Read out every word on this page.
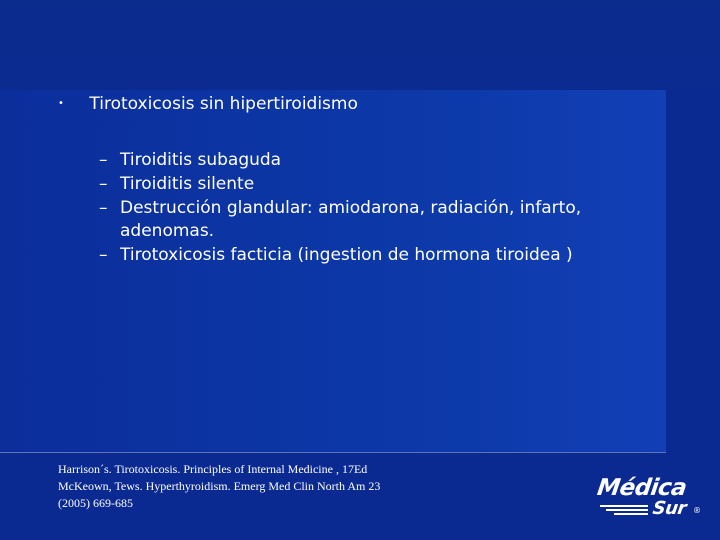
• Tirotoxicosis sin hipertiroidismo
– Tiroiditis subaguda
– Tiroiditis silente
– Destrucción glandular: amiodarona, radiación, infarto, adenomas.
– Tirotoxicosis facticia (ingestion de hormona tiroidea )
Harrison´s. Tirotoxicosis. Principles of Internal Medicine , 17Ed
McKeown, Tews. Hyperthyroidism. Emerg Med Clin North Am 23
(2005) 669-685
Médica
Sur ®
